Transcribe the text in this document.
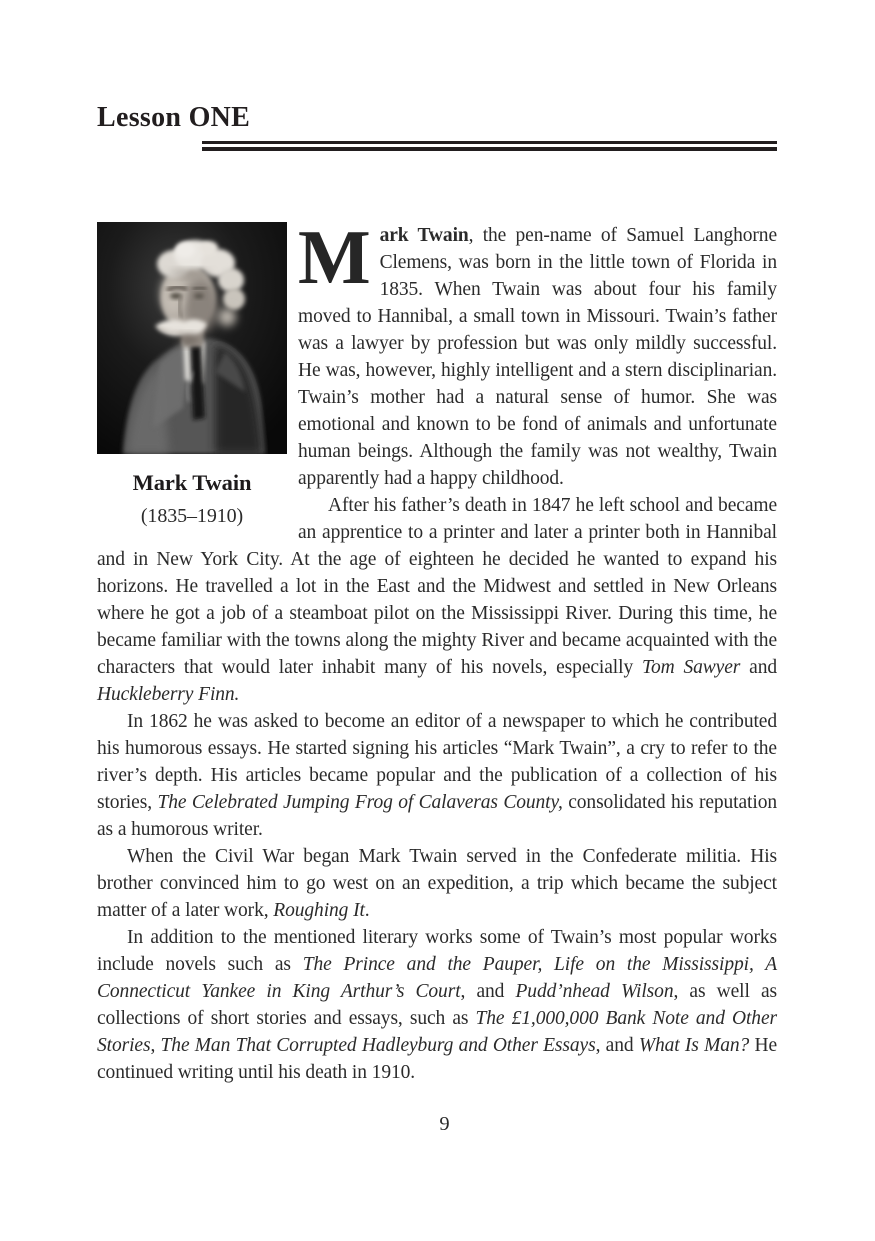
Lesson ONE
Mark Twain
(1835–1910)

Mark Twain, the pen-name of Samuel Langhorne Clemens, was born in the little town of Florida in 1835. When Twain was about four his family moved to Hannibal, a small town in Missouri. Twain’s father was a lawyer by profession but was only mildly successful. He was, however, highly intelligent and a stern disciplinarian. Twain’s mother had a natural sense of humor. She was emotional and known to be fond of animals and unfortunate human beings. Although the family was not wealthy, Twain apparently had a happy childhood.

After his father’s death in 1847 he left school and became an apprentice to a printer and later a printer both in Hannibal and in New York City. At the age of eighteen he decided he wanted to expand his horizons. He travelled a lot in the East and the Midwest and settled in New Orleans where he got a job of a steamboat pilot on the Mississippi River. During this time, he became familiar with the towns along the mighty River and became acquainted with the characters that would later inhabit many of his novels, especially Tom Sawyer and Huckleberry Finn.

In 1862 he was asked to become an editor of a newspaper to which he contributed his humorous essays. He started signing his articles “Mark Twain”, a cry to refer to the river’s depth. His articles became popular and the publication of a collection of his stories, The Celebrated Jumping Frog of Calaveras County, consolidated his reputation as a humorous writer.

When the Civil War began Mark Twain served in the Confederate militia. His brother convinced him to go west on an expedition, a trip which became the subject matter of a later work, Roughing It.

In addition to the mentioned literary works some of Twain’s most popular works include novels such as The Prince and the Pauper, Life on the Mississippi, A Connecticut Yankee in King Arthur’s Court, and Pudd’nhead Wilson, as well as collections of short stories and essays, such as The £1,000,000 Bank Note and Other Stories, The Man That Corrupted Hadleyburg and Other Essays, and What Is Man? He continued writing until his death in 1910.

9
